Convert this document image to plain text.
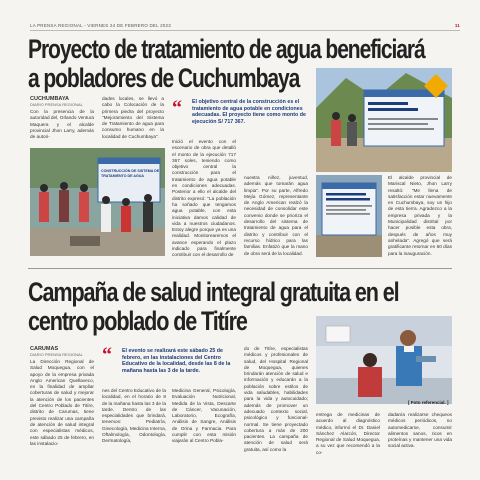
LA PRENSA REGIONAL - VIERNES 24 DE FEBRERO DEL 2023	11
Proyecto de tratamiento de agua beneficiará
a pobladores de Cuchumbaya
CUCHUMBAYA
DIARIO PRENSA REGIONAL
Con la presencia de la autoridad del, Orlando Ventura Maquera y el alcalde provincial Jhon Larry, además de autori-
dades locales, se llevó a cabo la Colocación de la primera piedra del proyecto "Mejoramiento del Sistema de Tratamiento de agua para consumo humano en la localidad de Cuchumbaya".
“ El objetivo central de la construcción es el tratamiento de agua potable en condiciones adecuadas. El proyecto tiene como monto de ejecución S/ 717 367.
CONSTRUCCIÓN DE SISTEMA DE
TRATAMIENTO DE AGUA
Inició el evento con el escenario de obra que detalló el monto de la ejecución 717 367 soles, teniendo como objetivo central la construcción para el tratamiento de agua potable en condiciones adecuadas. Posterior a ello el alcalde del distrito expresó: "La población ha soñado que tengamos agua potable, con esta iniciativa damos calidad de vida a nuestros ciudadanos. Estoy alegre porque ya es una realidad. Monitorearemos el avance esperando el plazo indicado para finalmente contribuir con el desarrollo de
nuestra niñez, juventud, además que tomarán agua limpia". Por su parte, Alfredo Mejía Gómez, representante de Anglo American realzó la necesidad de consolidar este convenio donde se prioriza el desarrollo del sistema de tratamiento de agua para el distrito y contribuir con el recurso hídrico para las familias. Enfatizó que la mano de obra será de la localidad.
El alcalde provincial de Mariscal Nieto, Jhon Larry resaltó: "Me llena de satisfacción estar nuevamente en Cuchumbaya, soy un hijo de esta tierra. Agradezco a la empresa privada y la Municipalidad distrital por hacer posible esta obra, después de años muy anhelada". Agregó que será gratificante retornar en 60 días para la inauguración.
Campaña de salud integral gratuita en el
centro poblado de Titíre
CARUMAS
DIARIO PRENSA REGIONAL
La Dirección Regional de Salud Moquegua, con el apoyo de la empresa privada Anglo American Quellaveco, en la finalidad de ampliar coberturas de salud y mejorar la atención de los pacientes del Centro Poblado de Titíre, distrito de Carumas, tiene previsto realizar una campaña de atención de salud integral con especialistas médicos, este sábado 25 de febrero, en las instalacio-
“ El evento se realizará este sábado 25 de febrero, en las instalaciones del Centro Educativo de la localidad, desde las 8 de la mañana hasta las 3 de la tarde.
nes del Centro Educativo de la localidad, en el horario de 8 de la mañana hasta las 3 de la tarde. Dentro de las especialidades que brindará, tenemos: Pediatría, Ginecología, Medicina Interna, Oftalmología, Odontología, Dermatología,
Medicina General, Psicología, Evaluación Nutricional, Medida de la Vista, Descarte de Cáncer, Vacunación, Laboratorio, Ecografía, Análisis de Sangre, Análisis de Orina y Farmacia. Para cumplir con esta misión viajarán al Centro Pobla-
do de Titíre, especialistas médicos y profesionales de salud, del Hospital Regional de Moquegua, quienes brindarán atención de salud e información y educarán a la población sobre estilos de vida saludables, habilidades para la vida y autocuidado; además de promover un adecuado contexto social, psicológico y funcional-normal. Se tiene proyectado cobertura a más de 200 pacientes. La campaña de atención de salud será gratuita, así como la
[ Foto referencial. ]
entrega de medicinas de acuerdo al diagnóstico médico, informó el Dr. Daniel Sánchez Alarcón, Director Regional de Salud Moquegua, a su vez que recomendó a la co-
dadanía realizarse chequeos médicos periódicos, no automedicarse, consumir alimentos sanos, ricos en proteínas y mantener una vida social activa.
